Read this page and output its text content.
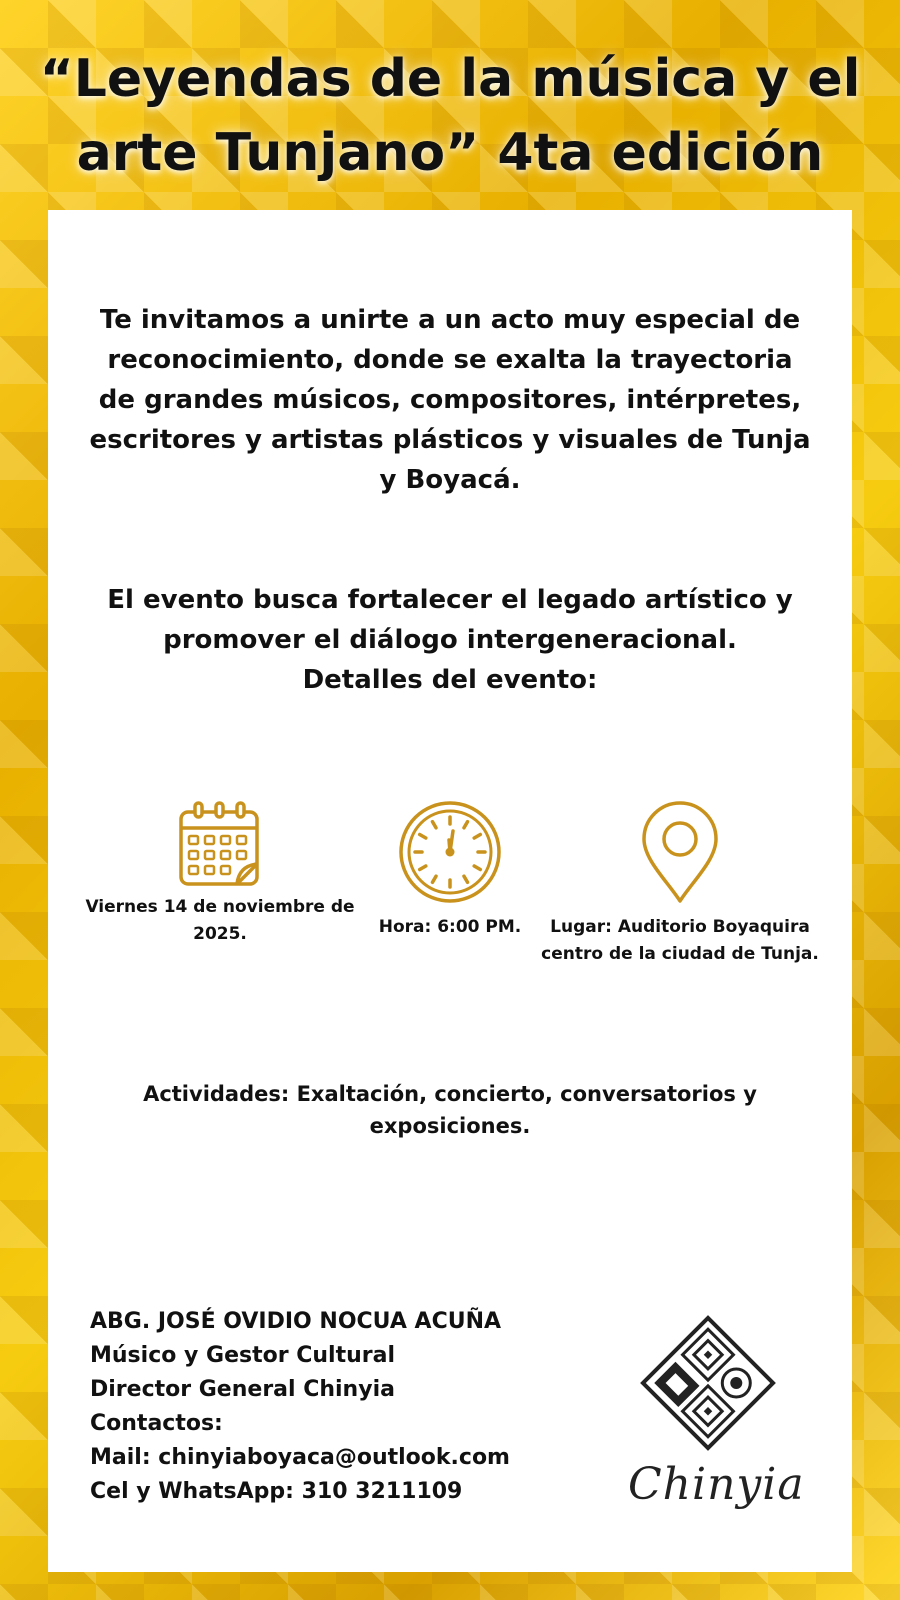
“Leyendas de la música y el
arte Tunjano” 4ta edición

Te invitamos a unirte a un acto muy especial de reconocimiento, donde se exalta la trayectoria de grandes músicos, compositores, intérpretes, escritores y artistas plásticos y visuales de Tunja y Boyacá.

El evento busca fortalecer el legado artístico y promover el diálogo intergeneracional.

Detalles del evento:

Viernes 14 de noviembre de 2025.	Hora: 6:00 PM.	Lugar: Auditorio Boyaquira centro de la ciudad de Tunja.
Actividades: Exaltación, concierto, conversatorios y exposiciones.
ABG. JOSÉ OVIDIO NOCUA ACUÑA
Músico y Gestor Cultural
Director General Chinyia
Contactos:
Mail: chinyiaboyaca@outlook.com
Cel y WhatsApp: 310 3211109	Chinyia
